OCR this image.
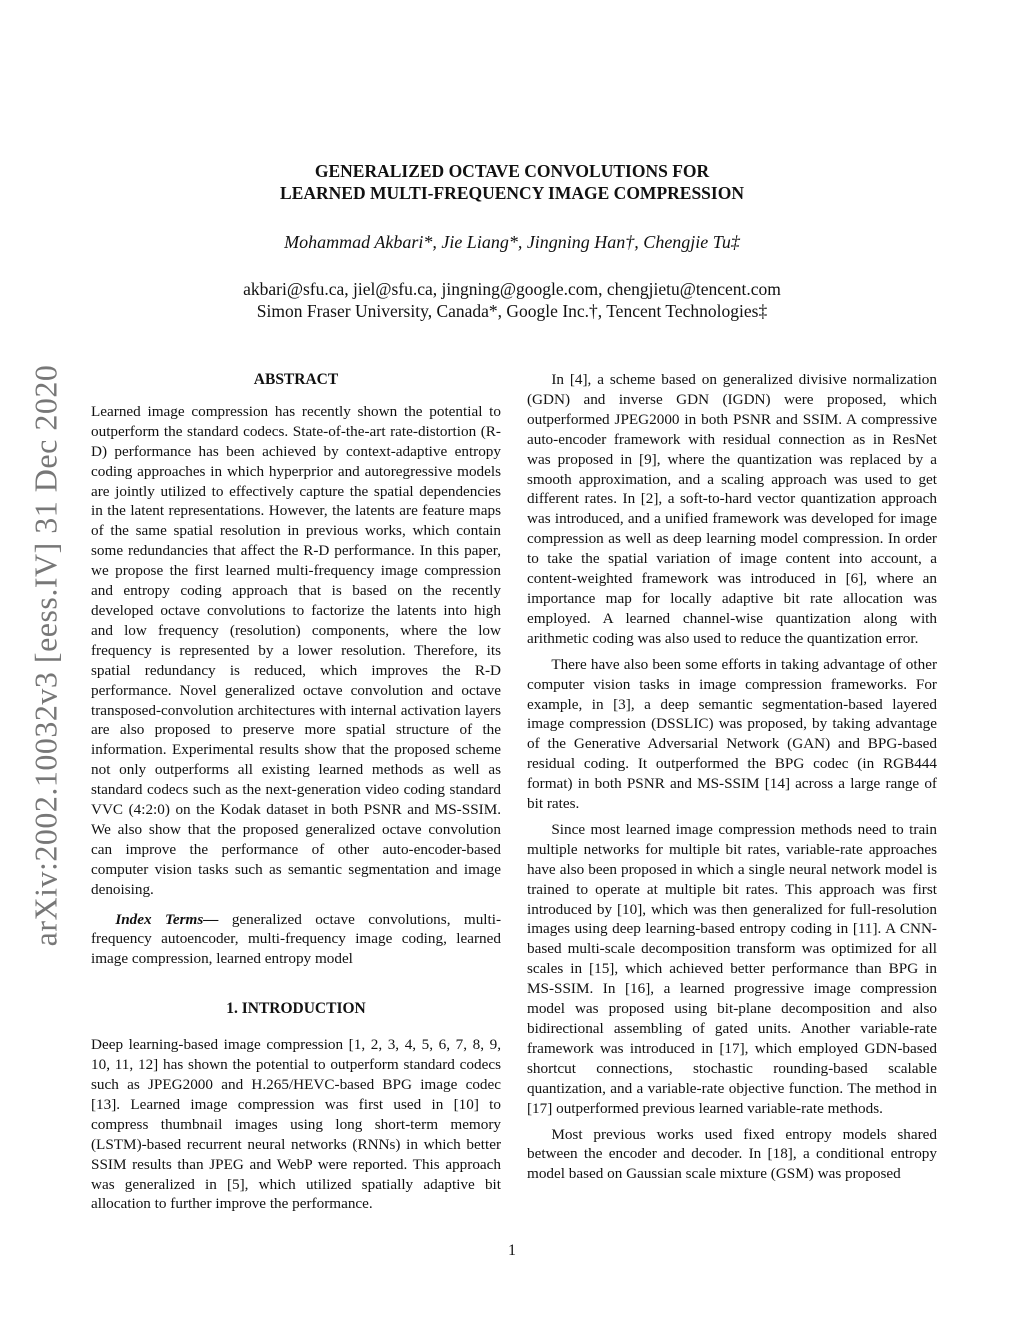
arXiv:2002.10032v3 [eess.IV] 31 Dec 2020
GENERALIZED OCTAVE CONVOLUTIONS FOR
LEARNED MULTI-FREQUENCY IMAGE COMPRESSION
Mohammad Akbari*, Jie Liang*, Jingning Han†, Chengjie Tu‡
akbari@sfu.ca, jiel@sfu.ca, jingning@google.com, chengjietu@tencent.com
Simon Fraser University, Canada*, Google Inc.†, Tencent Technologies‡
ABSTRACT

Learned image compression has recently shown the potential to outperform the standard codecs. State-of-the-art rate-distortion (R-D) performance has been achieved by context-adaptive entropy coding approaches in which hyperprior and autoregressive models are jointly utilized to effectively capture the spatial dependencies in the latent representations. However, the latents are feature maps of the same spatial resolution in previous works, which contain some redundancies that affect the R-D performance. In this paper, we propose the first learned multi-frequency image compression and entropy coding approach that is based on the recently developed octave convolutions to factorize the latents into high and low frequency (resolution) components, where the low frequency is represented by a lower resolution. Therefore, its spatial redundancy is reduced, which improves the R-D performance. Novel generalized octave convolution and octave transposed-convolution architectures with internal activation layers are also proposed to preserve more spatial structure of the information. Experimental results show that the proposed scheme not only outperforms all existing learned methods as well as standard codecs such as the next-generation video coding standard VVC (4:2:0) on the Kodak dataset in both PSNR and MS-SSIM. We also show that the proposed generalized octave convolution can improve the performance of other auto-encoder-based computer vision tasks such as semantic segmentation and image denoising.

Index Terms— generalized octave convolutions, multi-frequency autoencoder, multi-frequency image coding, learned image compression, learned entropy model

1. INTRODUCTION

Deep learning-based image compression [1, 2, 3, 4, 5, 6, 7, 8, 9, 10, 11, 12] has shown the potential to outperform standard codecs such as JPEG2000 and H.265/HEVC-based BPG image codec [13]. Learned image compression was first used in [10] to compress thumbnail images using long short-term memory (LSTM)-based recurrent neural networks (RNNs) in which better SSIM results than JPEG and WebP were reported. This approach was generalized in [5], which utilized spatially adaptive bit allocation to further improve the performance.

In [4], a scheme based on generalized divisive normalization (GDN) and inverse GDN (IGDN) were proposed, which outperformed JPEG2000 in both PSNR and SSIM. A compressive auto-encoder framework with residual connection as in ResNet was proposed in [9], where the quantization was replaced by a smooth approximation, and a scaling approach was used to get different rates. In [2], a soft-to-hard vector quantization approach was introduced, and a unified framework was developed for image compression as well as deep learning model compression. In order to take the spatial variation of image content into account, a content-weighted framework was introduced in [6], where an importance map for locally adaptive bit rate allocation was employed. A learned channel-wise quantization along with arithmetic coding was also used to reduce the quantization error.

There have also been some efforts in taking advantage of other computer vision tasks in image compression frameworks. For example, in [3], a deep semantic segmentation-based layered image compression (DSSLIC) was proposed, by taking advantage of the Generative Adversarial Network (GAN) and BPG-based residual coding. It outperformed the BPG codec (in RGB444 format) in both PSNR and MS-SSIM [14] across a large range of bit rates.

Since most learned image compression methods need to train multiple networks for multiple bit rates, variable-rate approaches have also been proposed in which a single neural network model is trained to operate at multiple bit rates. This approach was first introduced by [10], which was then generalized for full-resolution images using deep learning-based entropy coding in [11]. A CNN-based multi-scale decomposition transform was optimized for all scales in [15], which achieved better performance than BPG in MS-SSIM. In [16], a learned progressive image compression model was proposed using bit-plane decomposition and also bidirectional assembling of gated units. Another variable-rate framework was introduced in [17], which employed GDN-based shortcut connections, stochastic rounding-based scalable quantization, and a variable-rate objective function. The method in [17] outperformed previous learned variable-rate methods.

Most previous works used fixed entropy models shared between the encoder and decoder. In [18], a conditional entropy model based on Gaussian scale mixture (GSM) was proposed

1
